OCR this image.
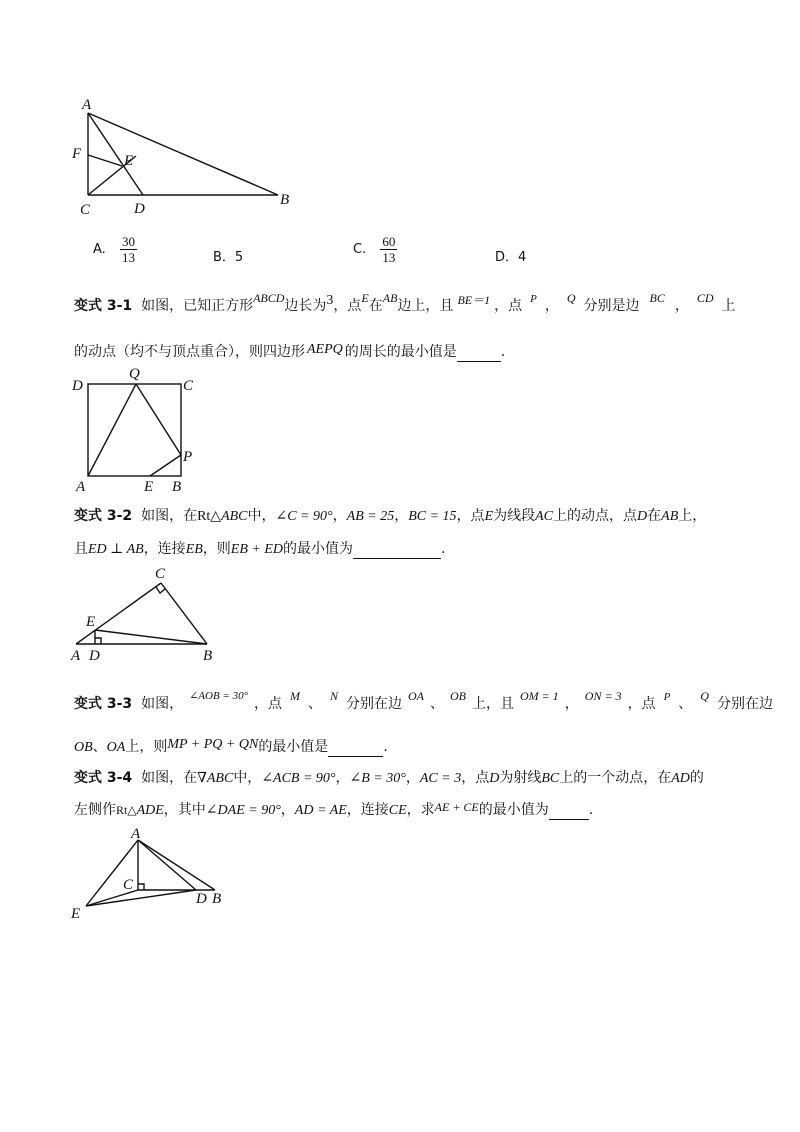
A
F	E
C	D
B
A. $\frac{30}{13}$	B．5
C. $\frac{60}{13}$	D．4
变式 3-1 如图，已知正方形ABCD边长为3，点E在AB边上，且 BE＝1 ，点 $^P$ ， Q 分别是边 BC ， CD 上
的动点（均不与顶点重合），则四边形 AEPQ 的周长的最小值是	.
D
Q
C
P
A	E B
变式 3-2 如图，在Rt△ABC中，∠C = 90°，AB = 25，BC = 15，点E为线段AC上的动点，点D在AB上，
且ED ⊥ AB，连接EB，则EB + ED的最小值为	.
C
E
A D	B
变式 3-3 如图， $^{\angle AOB = 30^\circ}$ ，点 M 、 N 分别在边 OA 、 OB 上，且 OM = 1 ， ON = 3 ，点 $^P$ 、 Q 分别在边
OB、OA上，则MP + PQ + QN的最小值是	.
变式 3-4 如图，在∇ABC中，∠ACB = 90°，∠B = 30°，AC = 3，点D为射线BC上的一个动点，在AD的
左侧作Rt△ADE，其中∠DAE = 90°，AD = AE，连接CE，求AE + CE的最小值为	.
A
C
E
D B
